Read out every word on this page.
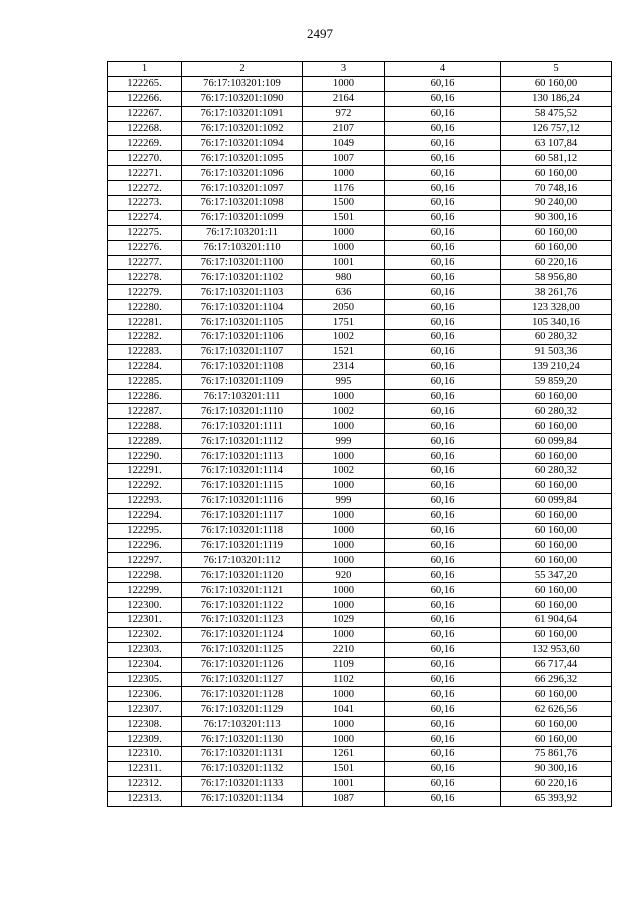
2497
1	2	3	4	5
122265.	76:17:103201:109	1000	60,16	60 160,00
122266.	76:17:103201:1090	2164	60,16	130 186,24
122267.	76:17:103201:1091	972	60,16	58 475,52
122268.	76:17:103201:1092	2107	60,16	126 757,12
122269.	76:17:103201:1094	1049	60,16	63 107,84
122270.	76:17:103201:1095	1007	60,16	60 581,12
122271.	76:17:103201:1096	1000	60,16	60 160,00
122272.	76:17:103201:1097	1176	60,16	70 748,16
122273.	76:17:103201:1098	1500	60,16	90 240,00
122274.	76:17:103201:1099	1501	60,16	90 300,16
122275.	76:17:103201:11	1000	60,16	60 160,00
122276.	76:17:103201:110	1000	60,16	60 160,00
122277.	76:17:103201:1100	1001	60,16	60 220,16
122278.	76:17:103201:1102	980	60,16	58 956,80
122279.	76:17:103201:1103	636	60,16	38 261,76
122280.	76:17:103201:1104	2050	60,16	123 328,00
122281.	76:17:103201:1105	1751	60,16	105 340,16
122282.	76:17:103201:1106	1002	60,16	60 280,32
122283.	76:17:103201:1107	1521	60,16	91 503,36
122284.	76:17:103201:1108	2314	60,16	139 210,24
122285.	76:17:103201:1109	995	60,16	59 859,20
122286.	76:17:103201:111	1000	60,16	60 160,00
122287.	76:17:103201:1110	1002	60,16	60 280,32
122288.	76:17:103201:1111	1000	60,16	60 160,00
122289.	76:17:103201:1112	999	60,16	60 099,84
122290.	76:17:103201:1113	1000	60,16	60 160,00
122291.	76:17:103201:1114	1002	60,16	60 280,32
122292.	76:17:103201:1115	1000	60,16	60 160,00
122293.	76:17:103201:1116	999	60,16	60 099,84
122294.	76:17:103201:1117	1000	60,16	60 160,00
122295.	76:17:103201:1118	1000	60,16	60 160,00
122296.	76:17:103201:1119	1000	60,16	60 160,00
122297.	76:17:103201:112	1000	60,16	60 160,00
122298.	76:17:103201:1120	920	60,16	55 347,20
122299.	76:17:103201:1121	1000	60,16	60 160,00
122300.	76:17:103201:1122	1000	60,16	60 160,00
122301.	76:17:103201:1123	1029	60,16	61 904,64
122302.	76:17:103201:1124	1000	60,16	60 160,00
122303.	76:17:103201:1125	2210	60,16	132 953,60
122304.	76:17:103201:1126	1109	60,16	66 717,44
122305.	76:17:103201:1127	1102	60,16	66 296,32
122306.	76:17:103201:1128	1000	60,16	60 160,00
122307.	76:17:103201:1129	1041	60,16	62 626,56
122308.	76:17:103201:113	1000	60,16	60 160,00
122309.	76:17:103201:1130	1000	60,16	60 160,00
122310.	76:17:103201:1131	1261	60,16	75 861,76
122311.	76:17:103201:1132	1501	60,16	90 300,16
122312.	76:17:103201:1133	1001	60,16	60 220,16
122313.	76:17:103201:1134	1087	60,16	65 393,92
